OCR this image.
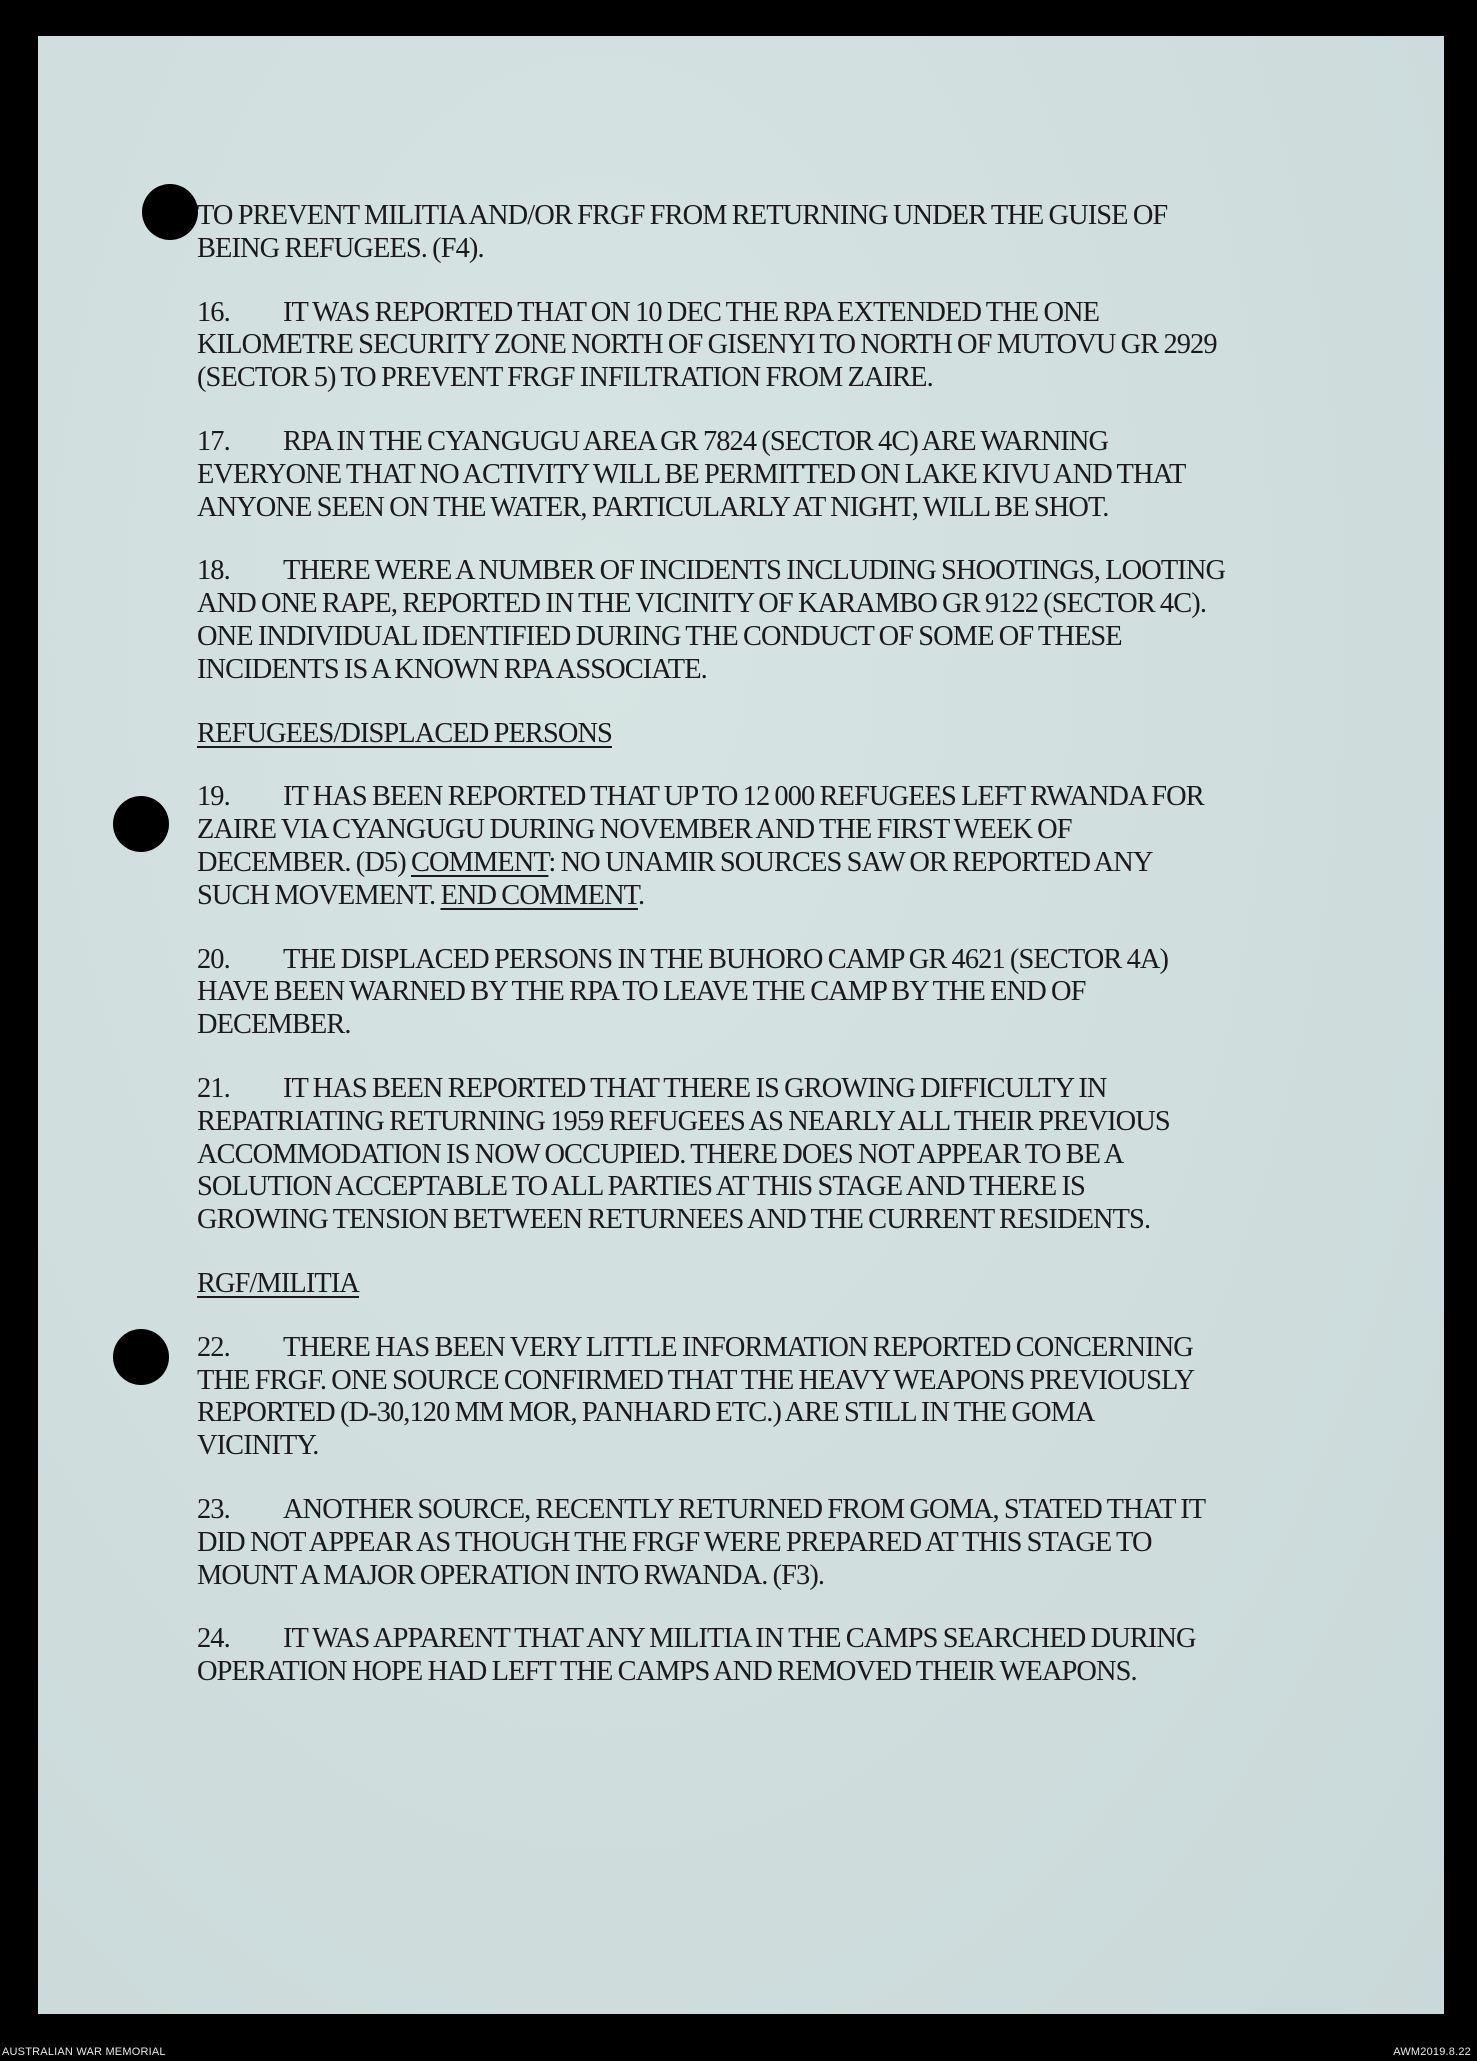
TO PREVENT MILITIA AND/OR FRGF FROM RETURNING UNDER THE GUISE OF
BEING REFUGEES. (F4).

16. IT WAS REPORTED THAT ON 10 DEC THE RPA EXTENDED THE ONE
KILOMETRE SECURITY ZONE NORTH OF GISENYI TO NORTH OF MUTOVU GR 2929
(SECTOR 5) TO PREVENT FRGF INFILTRATION FROM ZAIRE.

17. RPA IN THE CYANGUGU AREA GR 7824 (SECTOR 4C) ARE WARNING
EVERYONE THAT NO ACTIVITY WILL BE PERMITTED ON LAKE KIVU AND THAT
ANYONE SEEN ON THE WATER, PARTICULARLY AT NIGHT, WILL BE SHOT.

18. THERE WERE A NUMBER OF INCIDENTS INCLUDING SHOOTINGS, LOOTING
AND ONE RAPE, REPORTED IN THE VICINITY OF KARAMBO GR 9122 (SECTOR 4C).
ONE INDIVIDUAL IDENTIFIED DURING THE CONDUCT OF SOME OF THESE
INCIDENTS IS A KNOWN RPA ASSOCIATE.

REFUGEES/DISPLACED PERSONS

19. IT HAS BEEN REPORTED THAT UP TO 12 000 REFUGEES LEFT RWANDA FOR
ZAIRE VIA CYANGUGU DURING NOVEMBER AND THE FIRST WEEK OF
DECEMBER. (D5) COMMENT: NO UNAMIR SOURCES SAW OR REPORTED ANY
SUCH MOVEMENT. END COMMENT.

20. THE DISPLACED PERSONS IN THE BUHORO CAMP GR 4621 (SECTOR 4A)
HAVE BEEN WARNED BY THE RPA TO LEAVE THE CAMP BY THE END OF
DECEMBER.

21. IT HAS BEEN REPORTED THAT THERE IS GROWING DIFFICULTY IN
REPATRIATING RETURNING 1959 REFUGEES AS NEARLY ALL THEIR PREVIOUS
ACCOMMODATION IS NOW OCCUPIED. THERE DOES NOT APPEAR TO BE A
SOLUTION ACCEPTABLE TO ALL PARTIES AT THIS STAGE AND THERE IS
GROWING TENSION BETWEEN RETURNEES AND THE CURRENT RESIDENTS.

RGF/MILITIA

22. THERE HAS BEEN VERY LITTLE INFORMATION REPORTED CONCERNING
THE FRGF. ONE SOURCE CONFIRMED THAT THE HEAVY WEAPONS PREVIOUSLY
REPORTED (D-30,120 MM MOR, PANHARD ETC.) ARE STILL IN THE GOMA
VICINITY.

23. ANOTHER SOURCE, RECENTLY RETURNED FROM GOMA, STATED THAT IT
DID NOT APPEAR AS THOUGH THE FRGF WERE PREPARED AT THIS STAGE TO
MOUNT A MAJOR OPERATION INTO RWANDA. (F3).

24. IT WAS APPARENT THAT ANY MILITIA IN THE CAMPS SEARCHED DURING
OPERATION HOPE HAD LEFT THE CAMPS AND REMOVED THEIR WEAPONS.

AUSTRALIAN WAR MEMORIAL	AWM2019.8.22
